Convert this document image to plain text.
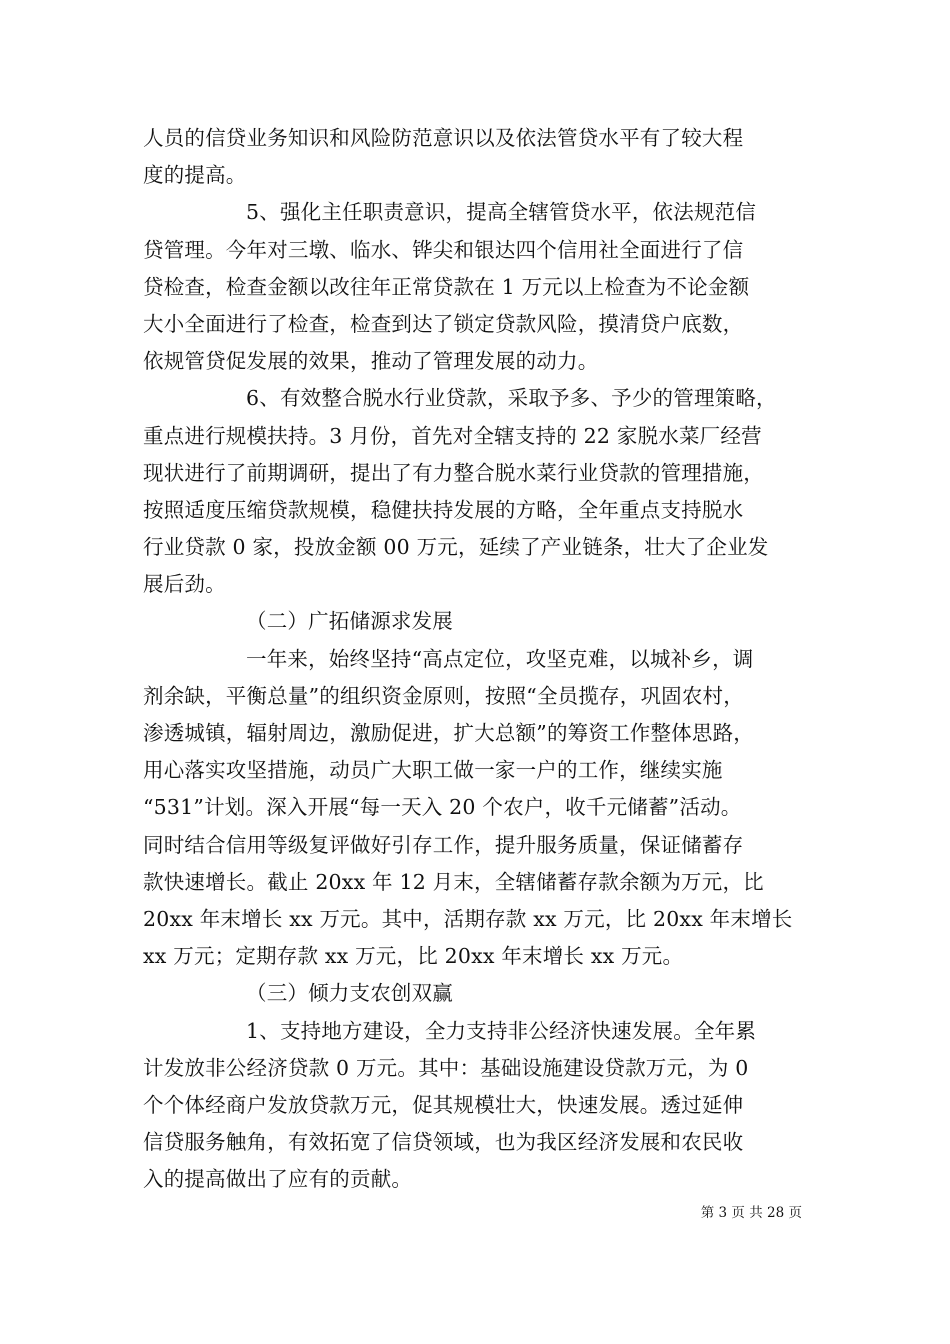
人员的信贷业务知识和风险防范意识以及依法管贷水平有了较大程
度的提高。
5、强化主任职责意识，提高全辖管贷水平，依法规范信
贷管理。今年对三墩、临水、铧尖和银达四个信用社全面进行了信
贷检查，检查金额以改往年正常贷款在 1 万元以上检查为不论金额
大小全面进行了检查，检查到达了锁定贷款风险，摸清贷户底数，
依规管贷促发展的效果，推动了管理发展的动力。
6、有效整合脱水行业贷款，采取予多、予少的管理策略，
重点进行规模扶持。3 月份，首先对全辖支持的 22 家脱水菜厂经营
现状进行了前期调研，提出了有力整合脱水菜行业贷款的管理措施，
按照适度压缩贷款规模，稳健扶持发展的方略，全年重点支持脱水
行业贷款 0 家，投放金额 00 万元，延续了产业链条，壮大了企业发
展后劲。
（二）广拓储源求发展
一年来，始终坚持“高点定位，攻坚克难，以城补乡，调
剂余缺，平衡总量”的组织资金原则，按照“全员揽存，巩固农村，
渗透城镇，辐射周边，激励促进，扩大总额”的筹资工作整体思路，
用心落实攻坚措施，动员广大职工做一家一户的工作，继续实施
“531”计划。深入开展“每一天入 20 个农户，收千元储蓄”活动。
同时结合信用等级复评做好引存工作，提升服务质量，保证储蓄存
款快速增长。截止 20xx 年 12 月末，全辖储蓄存款余额为万元，比
20xx 年末增长 xx 万元。其中，活期存款 xx 万元，比 20xx 年末增长
xx 万元；定期存款 xx 万元，比 20xx 年末增长 xx 万元。
（三）倾力支农创双赢
1、支持地方建设，全力支持非公经济快速发展。全年累
计发放非公经济贷款 0 万元。其中：基础设施建设贷款万元，为 0
个个体经商户发放贷款万元，促其规模壮大，快速发展。透过延伸
信贷服务触角，有效拓宽了信贷领域，也为我区经济发展和农民收
入的提高做出了应有的贡献。
第 3 页 共 28 页
